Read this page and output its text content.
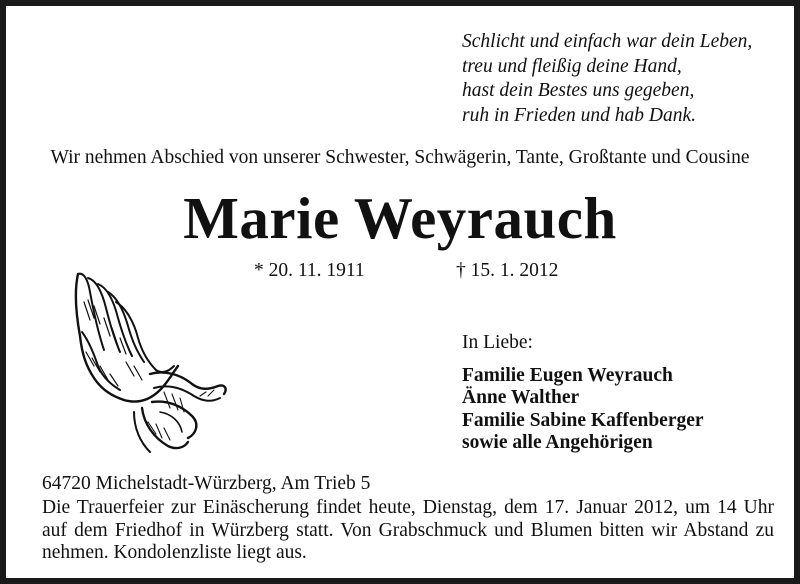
Schlicht und einfach war dein Leben,
treu und fleißig deine Hand,
hast dein Bestes uns gegeben,
ruh in Frieden und hab Dank.
Wir nehmen Abschied von unserer Schwester, Schwägerin, Tante, Großtante und Cousine
Marie Weyrauch
* 20. 11. 1911	† 15. 1. 2012
In Liebe:
Familie Eugen Weyrauch
Änne Walther
Familie Sabine Kaffenberger
sowie alle Angehörigen
64720 Michelstadt-Würzberg, Am Trieb 5
Die Trauerfeier zur Einäscherung findet heute, Dienstag, dem 17. Januar 2012, um 14 Uhr auf dem Friedhof in Würzberg statt. Von Grabschmuck und Blumen bitten wir Abstand zu nehmen. Kondolenzliste liegt aus.
